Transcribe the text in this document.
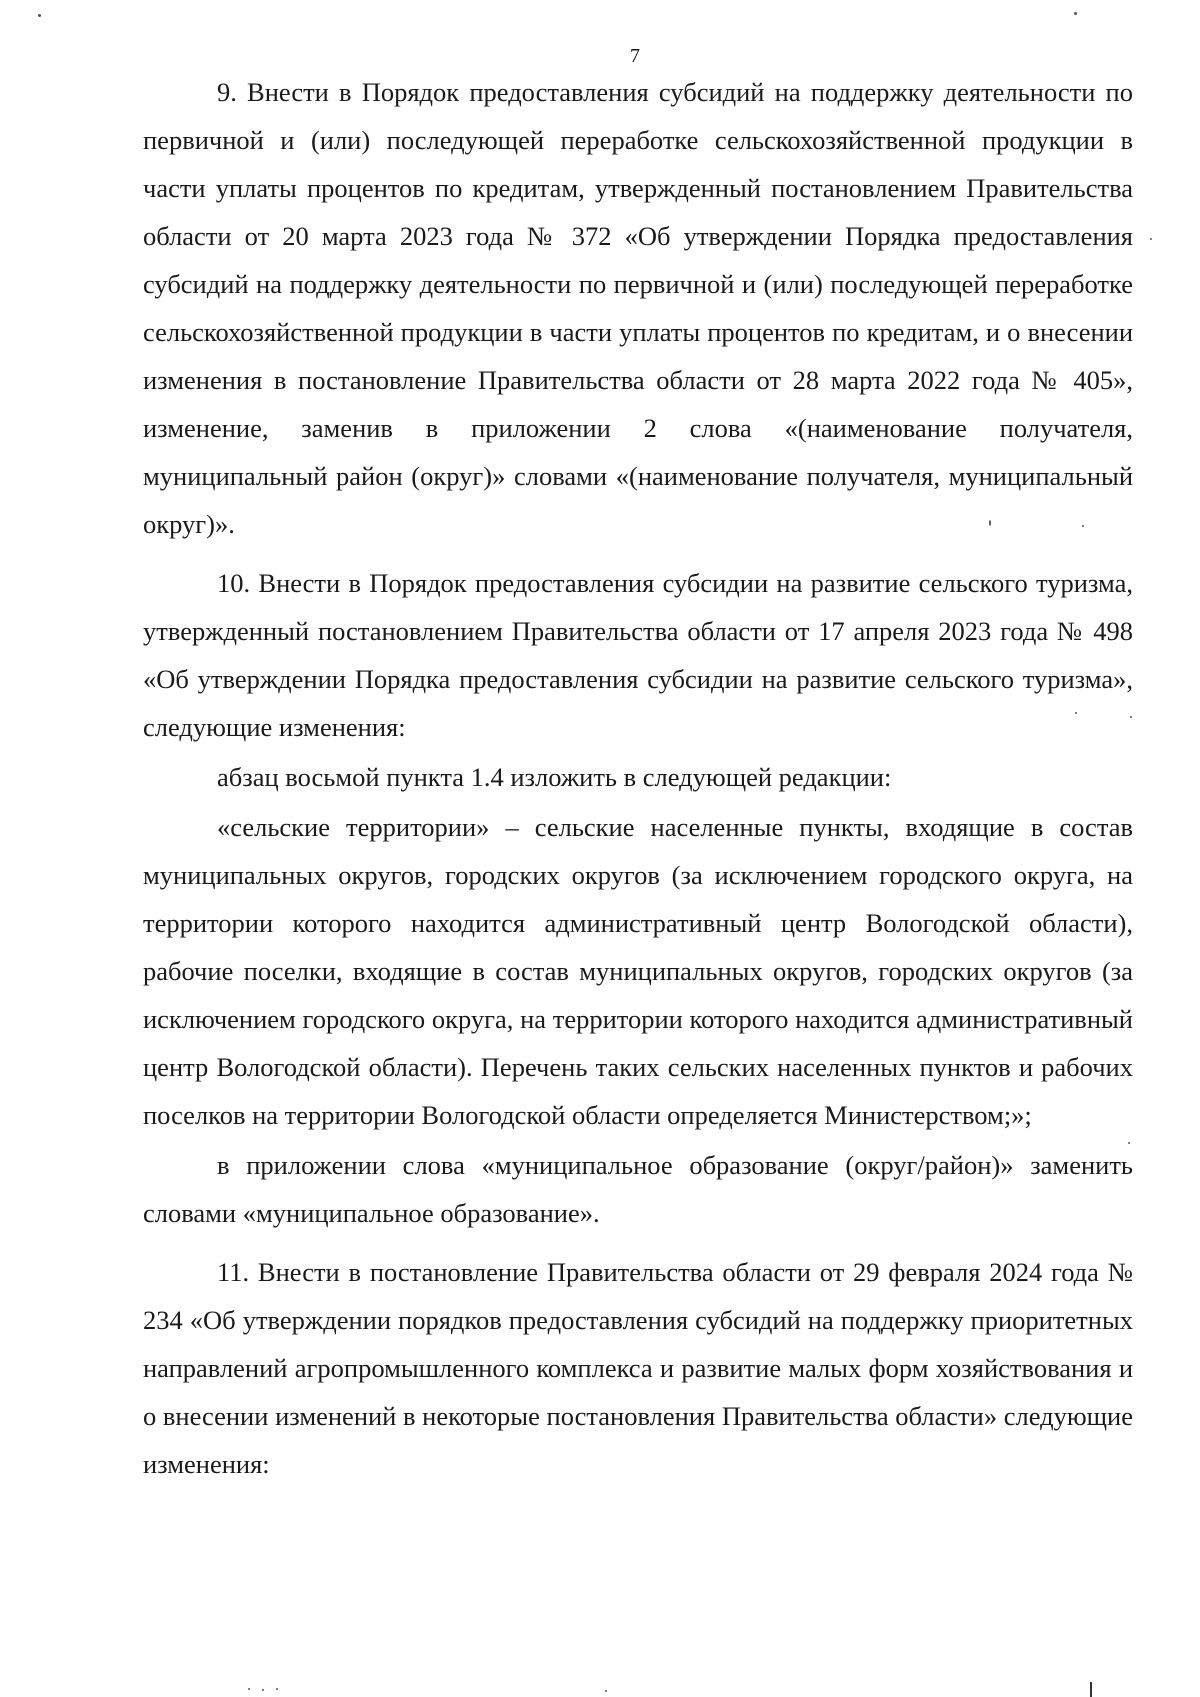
7

9. Внести в Порядок предоставления субсидий на поддержку деятельности по первичной и (или) последующей переработке сельскохозяйственной продукции в части уплаты процентов по кредитам, утвержденный постановлением Правительства области от 20 марта 2023 года № 372 «Об утверждении Порядка предоставления субсидий на поддержку деятельности по первичной и (или) последующей переработке сельскохозяйственной продукции в части уплаты процентов по кредитам, и о внесении изменения в постановление Правительства области от 28 марта 2022 года № 405», изменение, заменив в приложении 2 слова «(наименование получателя, муниципальный район (округ)» словами «(наименование получателя, муниципальный округ)».

10. Внести в Порядок предоставления субсидии на развитие сельского туризма, утвержденный постановлением Правительства области от 17 апреля 2023 года № 498 «Об утверждении Порядка предоставления субсидии на развитие сельского туризма», следующие изменения:

абзац восьмой пункта 1.4 изложить в следующей редакции:

«сельские территории» – сельские населенные пункты, входящие в состав муниципальных округов, городских округов (за исключением городского округа, на территории которого находится административный центр Вологодской области), рабочие поселки, входящие в состав муниципальных округов, городских округов (за исключением городского округа, на территории которого находится административный центр Вологодской области). Перечень таких сельских населенных пунктов и рабочих поселков на территории Вологодской области определяется Министерством;»;

в приложении слова «муниципальное образование (округ/район)» заменить словами «муниципальное образование».

11. Внести в постановление Правительства области от 29 февраля 2024 года № 234 «Об утверждении порядков предоставления субсидий на поддержку приоритетных направлений агропромышленного комплекса и развитие малых форм хозяйствования и о внесении изменений в некоторые постановления Правительства области» следующие изменения:
